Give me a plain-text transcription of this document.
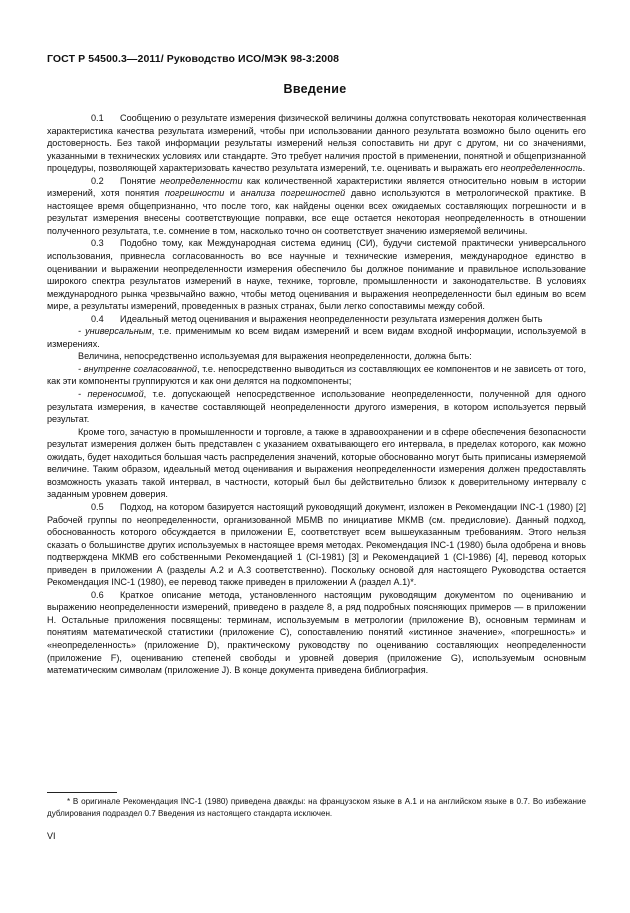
ГОСТ Р 54500.3—2011/ Руководство ИСО/МЭК 98-3:2008
Введение

0.1 Сообщению о результате измерения физической величины должна сопутствовать некоторая количественная характеристика качества результата измерений, чтобы при использовании данного результата возможно было оценить его достоверность. Без такой информации результаты измерений нельзя сопоставить ни друг с другом, ни со значениями, указанными в технических условиях или стандарте. Это требует наличия простой в применении, понятной и общепризнанной процедуры, позволяющей характеризовать качество результата измерений, т.е. оценивать и выражать его неопределенность.

0.2 Понятие неопределенности как количественной характеристики является относительно новым в истории измерений, хотя понятия погрешности и анализа погрешностей давно используются в метрологической практике. В настоящее время общепризнанно, что после того, как найдены оценки всех ожидаемых составляющих погрешности и в результат измерения внесены соответствующие поправки, все еще остается некоторая неопределенность в отношении полученного результата, т.е. сомнение в том, насколько точно он соответствует значению измеряемой величины.

0.3 Подобно тому, как Международная система единиц (СИ), будучи системой практически универсального использования, привнесла согласованность во все научные и технические измерения, международное единство в оценивании и выражении неопределенности измерения обеспечило бы должное понимание и правильное использование широкого спектра результатов измерений в науке, технике, торговле, промышленности и законодательстве. В условиях международного рынка чрезвычайно важно, чтобы метод оценивания и выражения неопределенности был единым во всем мире, а результаты измерений, проведенных в разных странах, были легко сопоставимы между собой.

0.4 Идеальный метод оценивания и выражения неопределенности результата измерения должен быть

- универсальным, т.е. применимым ко всем видам измерений и всем видам входной информации, используемой в измерениях.

Величина, непосредственно используемая для выражения неопределенности, должна быть:

- внутренне согласованной, т.е. непосредственно выводиться из составляющих ее компонентов и не зависеть от того, как эти компоненты группируются и как они делятся на подкомпоненты;

- переносимой, т.е. допускающей непосредственное использование неопределенности, полученной для одного результата измерения, в качестве составляющей неопределенности другого измерения, в котором используется первый результат.

Кроме того, зачастую в промышленности и торговле, а также в здравоохранении и в сфере обеспечения безопасности результат измерения должен быть представлен с указанием охватывающего его интервала, в пределах которого, как можно ожидать, будет находиться большая часть распределения значений, которые обоснованно могут быть приписаны измеряемой величине. Таким образом, идеальный метод оценивания и выражения неопределенности измерения должен предоставлять возможность указать такой интервал, в частности, который был бы действительно близок к доверительному интервалу с заданным уровнем доверия.

0.5 Подход, на котором базируется настоящий руководящий документ, изложен в Рекомендации INC-1 (1980) [2] Рабочей группы по неопределенности, организованной МБМВ по инициативе МКМВ (см. предисловие). Данный подход, обоснованность которого обсуждается в приложении Е, соответствует всем вышеуказанным требованиям. Этого нельзя сказать о большинстве других используемых в настоящее время методах. Рекомендация INC-1 (1980) была одобрена и вновь подтверждена МКМВ его собственными Рекомендацией 1 (CI-1981) [3] и Рекомендацией 1 (CI-1986) [4], перевод которых приведен в приложении А (разделы А.2 и А.3 соответственно). Поскольку основой для настоящего Руководства остается Рекомендация INC-1 (1980), ее перевод также приведен в приложении А (раздел А.1)*.

0.6 Краткое описание метода, установленного настоящим руководящим документом по оцениванию и выражению неопределенности измерений, приведено в разделе 8, а ряд подробных поясняющих примеров — в приложении Н. Остальные приложения посвящены: терминам, используемым в метрологии (приложение В), основным терминам и понятиям математической статистики (приложение С), сопоставлению понятий «истинное значение», «погрешность» и «неопределенность» (приложение D), практическому руководству по оцениванию составляющих неопределенности (приложение F), оцениванию степеней свободы и уровней доверия (приложение G), используемым основным математическим символам (приложение J). В конце документа приведена библиография.

* В оригинале Рекомендация INC-1 (1980) приведена дважды: на французском языке в А.1 и на английском языке в 0.7. Во избежание дублирования подраздел 0.7 Введения из настоящего стандарта исключен.
VI
